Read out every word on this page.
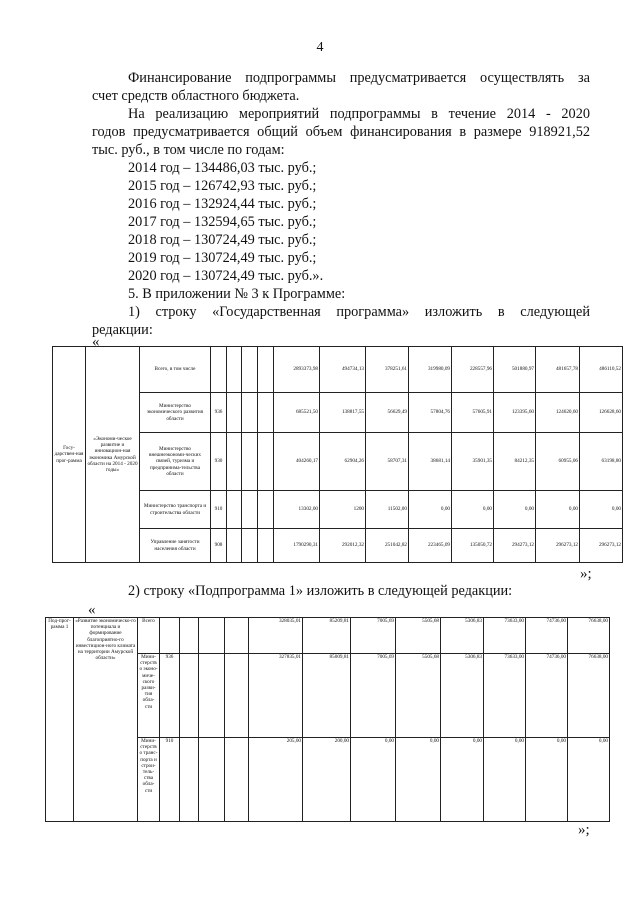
4
Финансирование подпрограммы предусматривается осуществлять за
счет средств областного бюджета.
На реализацию мероприятий подпрограммы в течение 2014 - 2020
годов предусматривается общий объем финансирования в размере 918921,52
тыс. руб., в том числе по годам:
2014 год – 134486,03 тыс. руб.;
2015 год – 126742,93 тыс. руб.;
2016 год – 132924,44 тыс. руб.;
2017 год – 132594,65 тыс. руб.;
2018 год – 130724,49 тыс. руб.;
2019 год – 130724,49 тыс. руб.;
2020 год – 130724,49 тыс. руб.».
5. В приложении № 3 к Программе:
1) строку «Государственная программа» изложить в следующей
редакции:
«
Госу-дарствен-ная прог-рамма	«Экономи-ческое развитие и инновацион-ная экономика Амурской области на 2014 - 2020 годы»	Всего, в том числе					2893373,98	494734,13	378251,61	319980,09	228557,96	501880,97	481657,78	486110,52
		Министерство экономического развития области	936				685521,50	138817,55	56629,49	57804,76	57605,91	123395,60	124620,60	126628,60
		Министерство внешнеэкономи-ческих связей, туризма и предпринима-тельства области	930				404260,17	62904,26	58707,31	38681,14	35901,35	84212,35	60955,06	63198,80
		Министерство транспорта и строительства области	910				13302,00	1200	11502,00	0,00	0,00	0,00	0,00	0,00
		Управление занятости населения области	908				1790290,31	292012,32	251042,82	223465,09	135050,72	294273,12	296273,12	296273,12
»;
2) строку «Подпрограмма 1» изложить в следующей редакции:
«
Под-прог-рамма 1	«Развитие экономическо-го потенциала и формирование благоприятно-го инвестицион-ного климата на территории Амурской области»	Всего					328035,01	85209,81	7005,69	5505,68	5306,83	73633,00	74736,00	76638,00
		Мини-стерство эконо-миче-ского разви-тия обла-сти	936				327835,01	85009,81	7005,69	5505,68	5306,83	73633,00	74736,00	76638,00
		Мини-стерство транс-порта и строи-тель-ства обла-сти	910				205,00	200,00	0,00	0,00	0,00	0,00	0,00	0,00
»;
